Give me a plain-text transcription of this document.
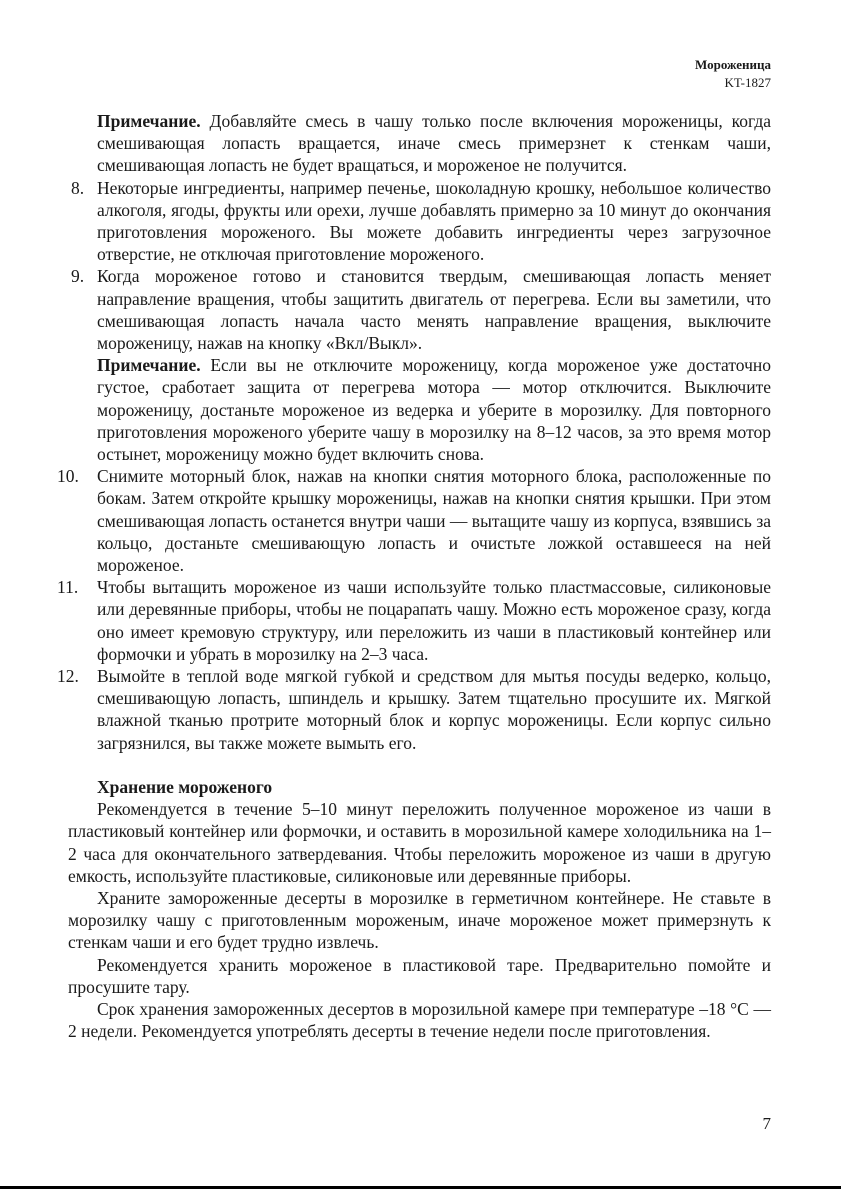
Мороженица
KT-1827

Примечание. Добавляйте смесь в чашу только после включения мороженицы, когда смешивающая лопасть вращается, иначе смесь примерзнет к стенкам чаши, смешивающая лопасть не будет вращаться, и мороженое не получится.

8. Некоторые ингредиенты, например печенье, шоколадную крошку, небольшое количество алкоголя, ягоды, фрукты или орехи, лучше добавлять примерно за 10 минут до окончания приготовления мороженого. Вы можете добавить ингредиенты через загрузочное отверстие, не отключая приготовление мороженого.

9. Когда мороженое готово и становится твердым, смешивающая лопасть меняет направление вращения, чтобы защитить двигатель от перегрева. Если вы заметили, что смешивающая лопасть начала часто менять направление вращения, выключите мороженицу, нажав на кнопку «Вкл/Выкл».

Примечание. Если вы не отключите мороженицу, когда мороженое уже достаточно густое, сработает защита от перегрева мотора — мотор отключится. Выключите мороженицу, достаньте мороженое из ведерка и уберите в морозилку. Для повторного приготовления мороженого уберите чашу в морозилку на 8–12 часов, за это время мотор остынет, мороженицу можно будет включить снова.

10.	Снимите моторный блок, нажав на кнопки снятия моторного блока, расположенные по бокам. Затем откройте крышку мороженицы, нажав на кнопки снятия крышки. При этом смешивающая лопасть останется внутри чаши — вытащите чашу из корпуса, взявшись за кольцо, достаньте смешивающую лопасть и очистьте ложкой оставшееся на ней мороженое.

11.	Чтобы вытащить мороженое из чаши используйте только пластмассовые, силиконовые или деревянные приборы, чтобы не поцарапать чашу. Можно есть мороженое сразу, когда оно имеет кремовую структуру, или переложить из чаши в пластиковый контейнер или формочки и убрать в морозилку на 2–3 часа.

12.	Вымойте в теплой воде мягкой губкой и средством для мытья посуды ведерко, кольцо, смешивающую лопасть, шпиндель и крышку. Затем тщательно просушите их. Мягкой влажной тканью протрите моторный блок и корпус мороженицы. Если корпус сильно загрязнился, вы также можете вымыть его.

Хранение мороженого

Рекомендуется в течение 5–10 минут переложить полученное мороженое из чаши в пластиковый контейнер или формочки, и оставить в морозильной камере холодильника на 1–2 часа для окончательного затвердевания. Чтобы переложить мороженое из чаши в другую емкость, используйте пластиковые, силиконовые или деревянные приборы.

Храните замороженные десерты в морозилке в герметичном контейнере. Не ставьте в морозилку чашу с приготовленным мороженым, иначе мороженое может примерзнуть к стенкам чаши и его будет трудно извлечь.

Рекомендуется хранить мороженое в пластиковой таре. Предварительно помойте и просушите тару.

Срок хранения замороженных десертов в морозильной камере при температуре –18 °C — 2 недели. Рекомендуется употреблять десерты в течение недели после приготовления.

7
